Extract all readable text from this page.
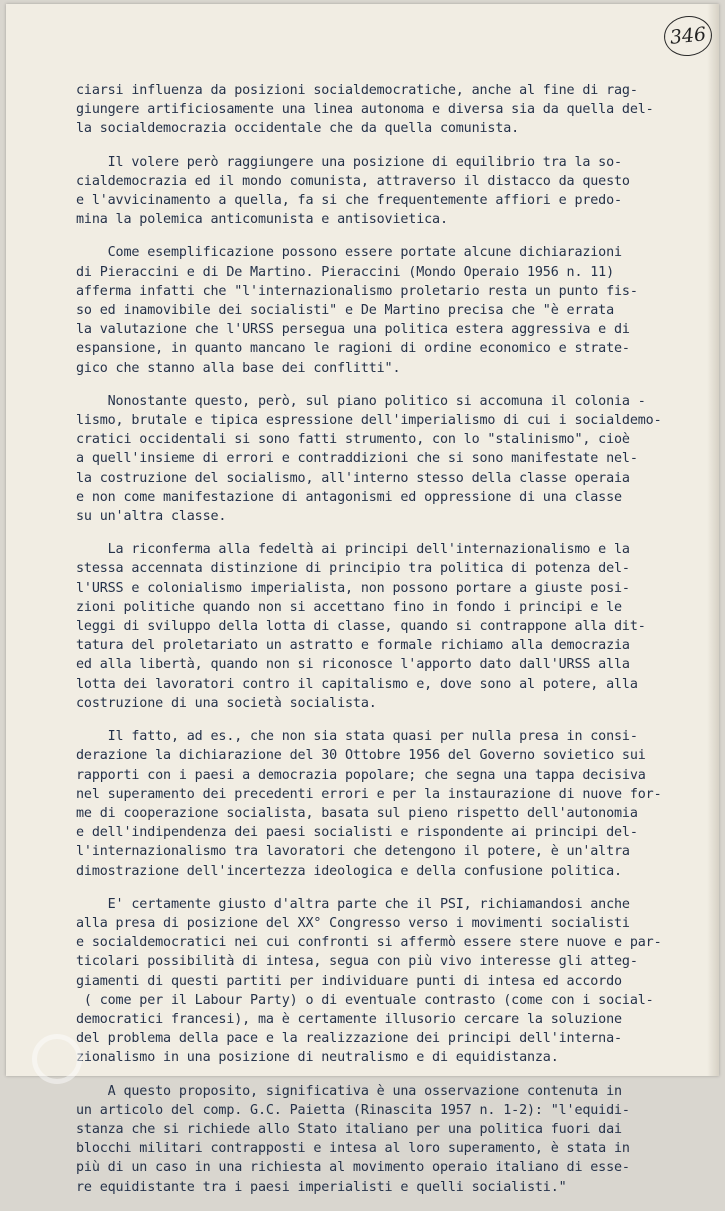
346
ciarsi influenza da posizioni socialdemocratiche, anche al fine di rag-
giungere artificiosamente una linea autonoma e diversa sia da quella del-
la socialdemocrazia occidentale che da quella comunista.
Il volere però raggiungere una posizione di equilibrio tra la so-
cialdemocrazia ed il mondo comunista, attraverso il distacco da questo
e l'avvicinamento a quella, fa si che frequentemente affiori e predo-
mina la polemica anticomunista e antisovietica.
Come esemplificazione possono essere portate alcune dichiarazioni
di Pieraccini e di De Martino. Pieraccini (Mondo Operaio 1956 n. 11)
afferma infatti che "l'internazionalismo proletario resta un punto fis-
so ed inamovibile dei socialisti" e De Martino precisa che "è errata
la valutazione che l'URSS persegua una politica estera aggressiva e di
espansione, in quanto mancano le ragioni di ordine economico e strate-
gico che stanno alla base dei conflitti".
Nonostante questo, però, sul piano politico si accomuna il colonia -
lismo, brutale e tipica espressione dell'imperialismo di cui i socialdemo-
cratici occidentali si sono fatti strumento, con lo "stalinismo", cioè
a quell'insieme di errori e contraddizioni che si sono manifestate nel-
la costruzione del socialismo, all'interno stesso della classe operaia
e non come manifestazione di antagonismi ed oppressione di una classe
su un'altra classe.
La riconferma alla fedeltà ai principi dell'internazionalismo e la
stessa accennata distinzione di principio tra politica di potenza del-
l'URSS e colonialismo imperialista, non possono portare a giuste posi-
zioni politiche quando non si accettano fino in fondo i principi e le
leggi di sviluppo della lotta di classe, quando si contrappone alla dit-
tatura del proletariato un astratto e formale richiamo alla democrazia
ed alla libertà, quando non si riconosce l'apporto dato dall'URSS alla
lotta dei lavoratori contro il capitalismo e, dove sono al potere, alla
costruzione di una società socialista.
Il fatto, ad es., che non sia stata quasi per nulla presa in consi-
derazione la dichiarazione del 30 Ottobre 1956 del Governo sovietico sui
rapporti con i paesi a democrazia popolare; che segna una tappa decisiva
nel superamento dei precedenti errori e per la instaurazione di nuove for-
me di cooperazione socialista, basata sul pieno rispetto dell'autonomia
e dell'indipendenza dei paesi socialisti e rispondente ai principi del-
l'internazionalismo tra lavoratori che detengono il potere, è un'altra
dimostrazione dell'incertezza ideologica e della confusione politica.
E' certamente giusto d'altra parte che il PSI, richiamandosi anche
alla presa di posizione del XX° Congresso verso i movimenti socialisti
e socialdemocratici nei cui confronti si affermò essere stere nuove e par-
ticolari possibilità di intesa, segua con più vivo interesse gli atteg-
giamenti di questi partiti per individuare punti di intesa ed accordo
( come per il Labour Party) o di eventuale contrasto (come con i social-
democratici francesi), ma è certamente illusorio cercare la soluzione
del problema della pace e la realizzazione dei principi dell'interna-
zionalismo in una posizione di neutralismo e di equidistanza.
A questo proposito, significativa è una osservazione contenuta in
un articolo del comp. G.C. Paietta (Rinascita 1957 n. 1-2): "l'equidi-
stanza che si richiede allo Stato italiano per una politica fuori dai
blocchi militari contrapposti e intesa al loro superamento, è stata in
più di un caso in una richiesta al movimento operaio italiano di esse-
re equidistante tra i paesi imperialisti e quelli socialisti."
